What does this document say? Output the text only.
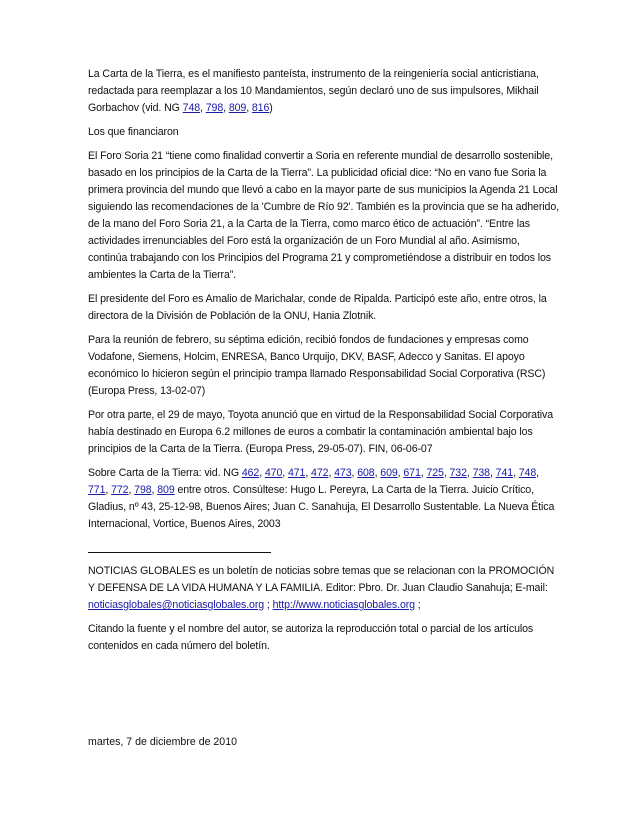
La Carta de la Tierra, es el manifiesto panteísta, instrumento de la reingeniería social anticristiana, redactada para reemplazar a los 10 Mandamientos, según declaró uno de sus impulsores, Mikhail Gorbachov (vid. NG 748, 798, 809, 816)

Los que financiaron

El Foro Soria 21 “tiene como finalidad convertir a Soria en referente mundial de desarrollo sostenible, basado en los principios de la Carta de la Tierra”. La publicidad oficial dice: “No en vano fue Soria la primera provincia del mundo que llevó a cabo en la mayor parte de sus municipios la Agenda 21 Local siguiendo las recomendaciones de la 'Cumbre de Río 92'. También es la provincia que se ha adherido, de la mano del Foro Soria 21, a la Carta de la Tierra, como marco ético de actuación”. “Entre las actividades irrenunciables del Foro está la organización de un Foro Mundial al año. Asimismo, continúa trabajando con los Principios del Programa 21 y comprometiéndose a distribuir en todos los ambientes la Carta de la Tierra”.

El presidente del Foro es Amalio de Marichalar, conde de Ripalda. Participó este año, entre otros, la directora de la División de Población de la ONU, Hania Zlotnik.

Para la reunión de febrero, su séptima edición, recibió fondos de fundaciones y empresas como Vodafone, Siemens, Holcim, ENRESA, Banco Urquijo, DKV, BASF, Adecco y Sanitas. El apoyo económico lo hicieron según el principio trampa llamado Responsabilidad Social Corporativa (RSC) (Europa Press, 13-02-07)

Por otra parte, el 29 de mayo, Toyota anunció que en virtud de la Responsabilidad Social Corporativa había destinado en Europa 6.2 millones de euros a combatir la contaminación ambiental bajo los principios de la Carta de la Tierra. (Europa Press, 29-05-07). FIN, 06-06-07

Sobre Carta de la Tierra: vid. NG 462, 470, 471, 472, 473, 608, 609, 671, 725, 732, 738, 741, 748, 771, 772, 798, 809 entre otros. Consúltese: Hugo L. Pereyra, La Carta de la Tierra. Juicio Crítico, Gladius, nº 43, 25-12-98, Buenos Aires; Juan C. Sanahuja, El Desarrollo Sustentable. La Nueva Ética Internacional, Vortice, Buenos Aires, 2003

NOTICIAS GLOBALES es un boletín de noticias sobre temas que se relacionan con la PROMOCIÓN Y DEFENSA DE LA VIDA HUMANA Y LA FAMILIA. Editor: Pbro. Dr. Juan Claudio Sanahuja; E-mail: noticiasglobales@noticiasglobales.org ; http://www.noticiasglobales.org ;

Citando la fuente y el nombre del autor, se autoriza la reproducción total o parcial de los artículos contenidos en cada número del boletín.

martes, 7 de diciembre de 2010
